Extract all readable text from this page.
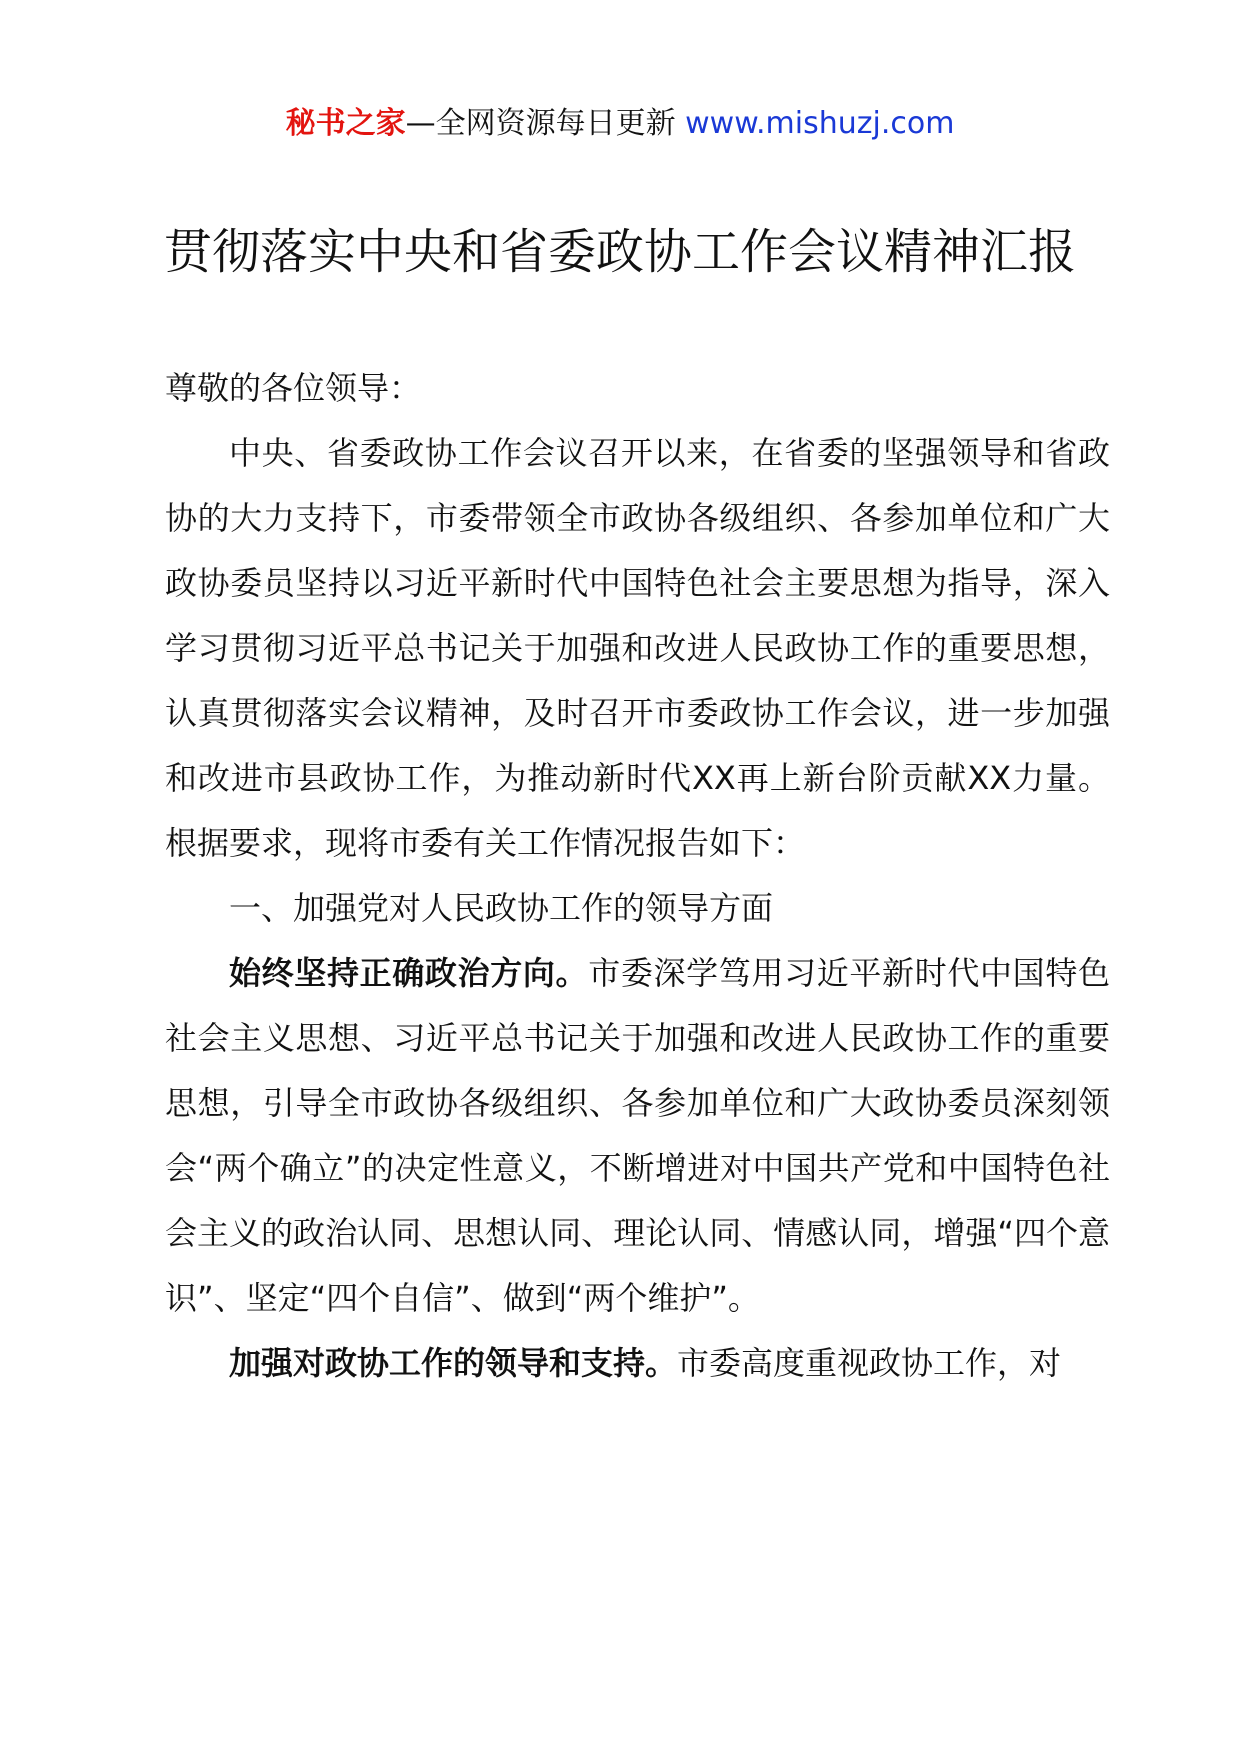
秘书之家—全网资源每日更新 www.mishuzj.com
贯彻落实中央和省委政协工作会议精神汇报

尊敬的各位领导：

中央、省委政协工作会议召开以来，在省委的坚强领导和省政协的大力支持下，市委带领全市政协各级组织、各参加单位和广大政协委员坚持以习近平新时代中国特色社会主要思想为指导，深入学习贯彻习近平总书记关于加强和改进人民政协工作的重要思想，认真贯彻落实会议精神，及时召开市委政协工作会议，进一步加强和改进市县政协工作，为推动新时代XX再上新台阶贡献XX力量。根据要求，现将市委有关工作情况报告如下：

一、加强党对人民政协工作的领导方面

始终坚持正确政治方向。市委深学笃用习近平新时代中国特色社会主义思想、习近平总书记关于加强和改进人民政协工作的重要思想，引导全市政协各级组织、各参加单位和广大政协委员深刻领会“两个确立”的决定性意义，不断增进对中国共产党和中国特色社会主义的政治认同、思想认同、理论认同、情感认同，增强“四个意识”、坚定“四个自信”、做到“两个维护”。

加强对政协工作的领导和支持。市委高度重视政协工作，对
